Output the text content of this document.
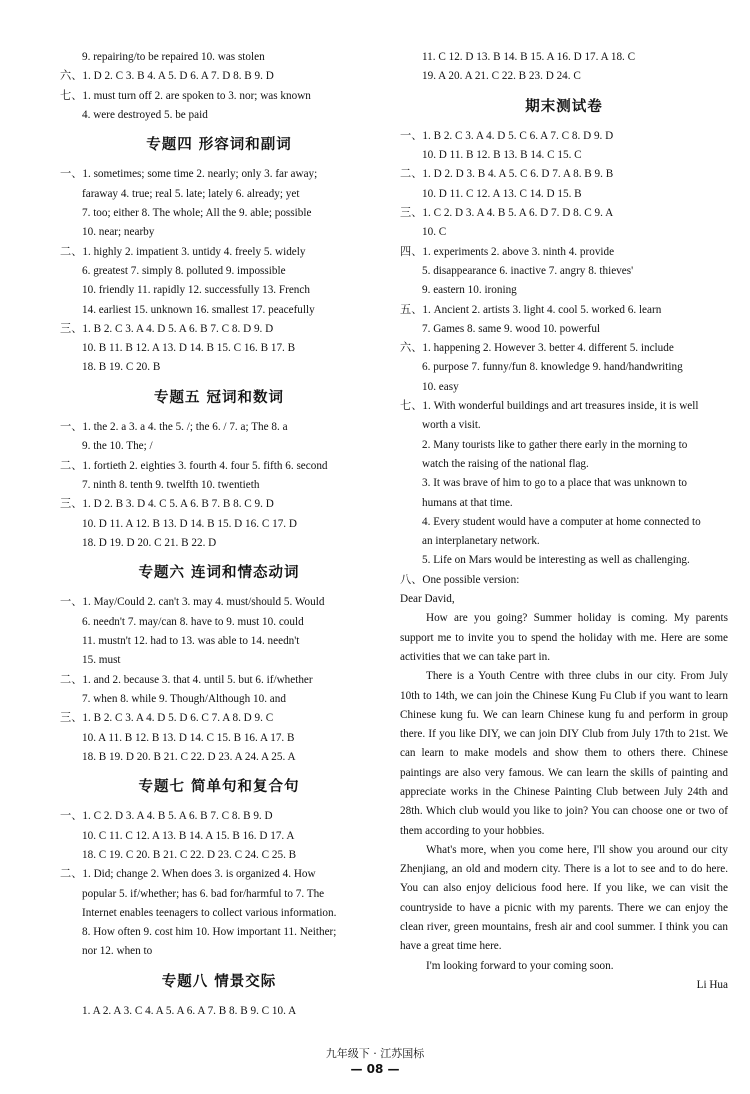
9. repairing/to be repaired 10. was stolen
六、1. D 2. C 3. B 4. A 5. D 6. A 7. D 8. B 9. D
七、1. must turn off 2. are spoken to 3. nor; was known
4. were destroyed 5. be paid
专题四 形容词和副词
一、1. sometimes; some time 2. nearly; only 3. far away;
faraway 4. true; real 5. late; lately 6. already; yet
7. too; either 8. The whole; All the 9. able; possible
10. near; nearby
二、1. highly 2. impatient 3. untidy 4. freely 5. widely
6. greatest 7. simply 8. polluted 9. impossible
10. friendly 11. rapidly 12. successfully 13. French
14. earliest 15. unknown 16. smallest 17. peacefully
三、1. B 2. C 3. A 4. D 5. A 6. B 7. C 8. D 9. D
10. B 11. B 12. A 13. D 14. B 15. C 16. B 17. B
18. B 19. C 20. B
专题五 冠词和数词
一、1. the 2. a 3. a 4. the 5. /; the 6. / 7. a; The 8. a
9. the 10. The; /
二、1. fortieth 2. eighties 3. fourth 4. four 5. fifth 6. second
7. ninth 8. tenth 9. twelfth 10. twentieth
三、1. D 2. B 3. D 4. C 5. A 6. B 7. B 8. C 9. D
10. D 11. A 12. B 13. D 14. B 15. D 16. C 17. D
18. D 19. D 20. C 21. B 22. D
专题六 连词和情态动词
一、1. May/Could 2. can't 3. may 4. must/should 5. Would
6. needn't 7. may/can 8. have to 9. must 10. could
11. mustn't 12. had to 13. was able to 14. needn't
15. must
二、1. and 2. because 3. that 4. until 5. but 6. if/whether
7. when 8. while 9. Though/Although 10. and
三、1. B 2. C 3. A 4. D 5. D 6. C 7. A 8. D 9. C
10. A 11. B 12. B 13. D 14. C 15. B 16. A 17. B
18. B 19. D 20. B 21. C 22. D 23. A 24. A 25. A
专题七 简单句和复合句
一、1. C 2. D 3. A 4. B 5. A 6. B 7. C 8. B 9. D
10. C 11. C 12. A 13. B 14. A 15. B 16. D 17. A
18. C 19. C 20. B 21. C 22. D 23. C 24. C 25. B
二、1. Did; change 2. When does 3. is organized 4. How
popular 5. if/whether; has 6. bad for/harmful to 7. The
Internet enables teenagers to collect various information.
8. How often 9. cost him 10. How important 11. Neither;
nor 12. when to
专题八 情景交际
1. A 2. A 3. C 4. A 5. A 6. A 7. B 8. B 9. C 10. A
11. C 12. D 13. B 14. B 15. A 16. D 17. A 18. C
19. A 20. A 21. C 22. B 23. D 24. C
期末测试卷
一、1. B 2. C 3. A 4. D 5. C 6. A 7. C 8. D 9. D
10. D 11. B 12. B 13. B 14. C 15. C
二、1. D 2. D 3. B 4. A 5. C 6. D 7. A 8. B 9. B
10. D 11. C 12. A 13. C 14. D 15. B
三、1. C 2. D 3. A 4. B 5. A 6. D 7. D 8. C 9. A
10. C
四、1. experiments 2. above 3. ninth 4. provide
5. disappearance 6. inactive 7. angry 8. thieves'
9. eastern 10. ironing
五、1. Ancient 2. artists 3. light 4. cool 5. worked 6. learn
7. Games 8. same 9. wood 10. powerful
六、1. happening 2. However 3. better 4. different 5. include
6. purpose 7. funny/fun 8. knowledge 9. hand/handwriting
10. easy
七、1. With wonderful buildings and art treasures inside, it is well
worth a visit.
2. Many tourists like to gather there early in the morning to
watch the raising of the national flag.
3. It was brave of him to go to a place that was unknown to
humans at that time.
4. Every student would have a computer at home connected to
an interplanetary network.
5. Life on Mars would be interesting as well as challenging.
八、One possible version:
Dear David,
How are you going? Summer holiday is coming. My parents support me to invite you to spend the holiday with me. Here are some activities that we can take part in.
There is a Youth Centre with three clubs in our city. From July 10th to 14th, we can join the Chinese Kung Fu Club if you want to learn Chinese kung fu. We can learn Chinese kung fu and perform in group there. If you like DIY, we can join DIY Club from July 17th to 21st. We can learn to make models and show them to others there. Chinese paintings are also very famous. We can learn the skills of painting and appreciate works in the Chinese Painting Club between July 24th and 28th. Which club would you like to join? You can choose one or two of them according to your hobbies.
What's more, when you come here, I'll show you around our city Zhenjiang, an old and modern city. There is a lot to see and to do here. You can also enjoy delicious food here. If you like, we can visit the countryside to have a picnic with my parents. There we can enjoy the clean river, green mountains, fresh air and cool summer. I think you can have a great time here.
I'm looking forward to your coming soon.
Li Hua
九年级下 · 江苏国标
— 08 —
